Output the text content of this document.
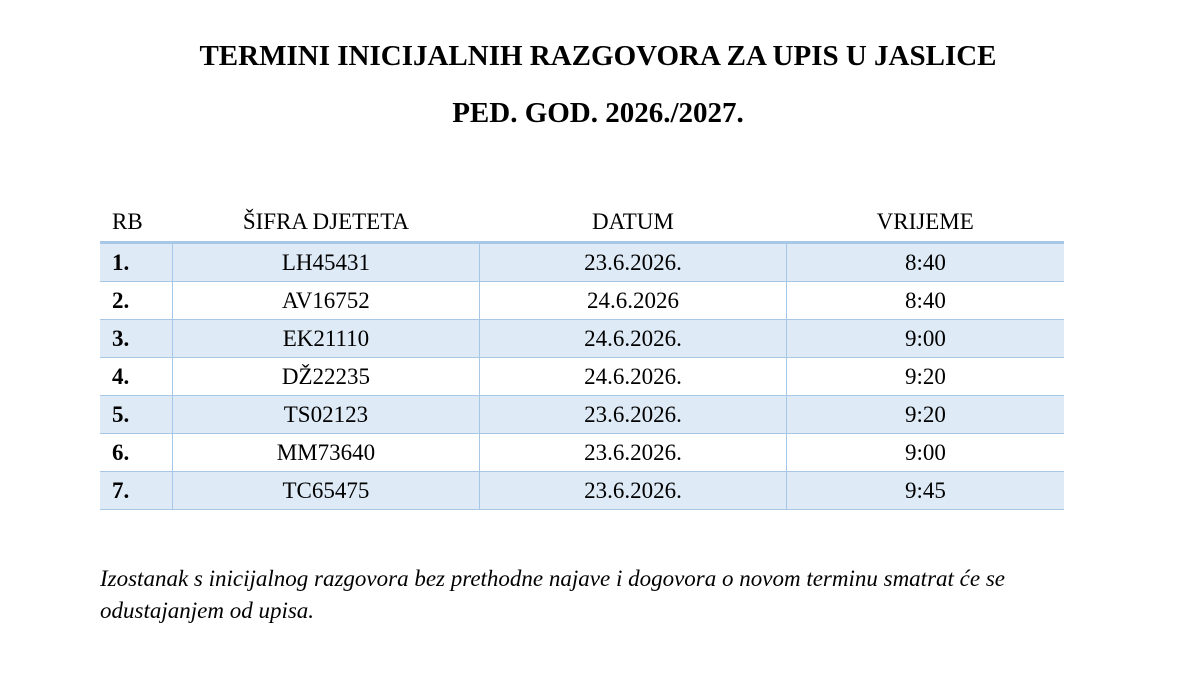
TERMINI INICIJALNIH RAZGOVORA ZA UPIS U JASLICE
PED. GOD. 2026./2027.
RB	ŠIFRA DJETETA	DATUM	VRIJEME
1.	LH45431	23.6.2026.	8:40
2.	AV16752	24.6.2026	8:40
3.	EK21110	24.6.2026.	9:00
4.	DŽ22235	24.6.2026.	9:20
5.	TS02123	23.6.2026.	9:20
6.	MM73640	23.6.2026.	9:00
7.	TC65475	23.6.2026.	9:45

Izostanak s inicijalnog razgovora bez prethodne najave i dogovora o novom terminu smatrat će se odustajanjem od upisa.
